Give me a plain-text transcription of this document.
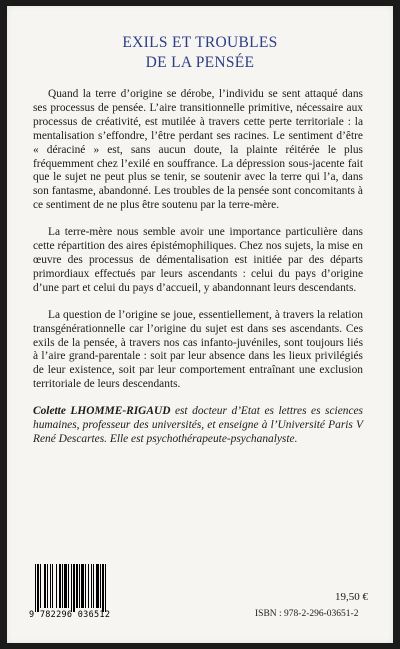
EXILS ET TROUBLES
DE LA PENSÉE

Quand la terre d’origine se dérobe, l’individu se sent attaqué dans ses processus de pensée. L’aire transitionnelle primitive, nécessaire aux processus de créativité, est mutilée à travers cette perte territoriale : la mentalisation s’effondre, l’être perdant ses racines. Le sentiment d’être « déraciné » est, sans aucun doute, la plainte réitérée le plus fréquemment chez l’exilé en souffrance. La dépression sous-jacente fait que le sujet ne peut plus se tenir, se soutenir avec la terre qui l’a, dans son fantasme, abandonné. Les troubles de la pensée sont concomitants à ce sentiment de ne plus être soutenu par la terre-mère.

La terre-mère nous semble avoir une importance particulière dans cette répartition des aires épistémophiliques. Chez nos sujets, la mise en œuvre des processus de démentalisation est initiée par des départs primordiaux effectués par leurs ascendants : celui du pays d’origine d’une part et celui du pays d’accueil, y abandonnant leurs descendants.

La question de l’origine se joue, essentiellement, à travers la relation transgénérationnelle car l’origine du sujet est dans ses ascendants. Ces exils de la pensée, à travers nos cas infanto-juvéniles, sont toujours liés à l’aire grand-parentale : soit par leur absence dans les lieux privilégiés de leur existence, soit par leur comportement entraînant une exclusion territoriale de leurs descendants.

Colette LHOMME-RIGAUD est docteur d’Etat es lettres es sciences humaines, professeur des universités, et enseigne à l’Université Paris V René Descartes. Elle est psychothérapeute-psychanalyste.

9 782296 036512
19,50 €
ISBN : 978-2-296-03651-2
